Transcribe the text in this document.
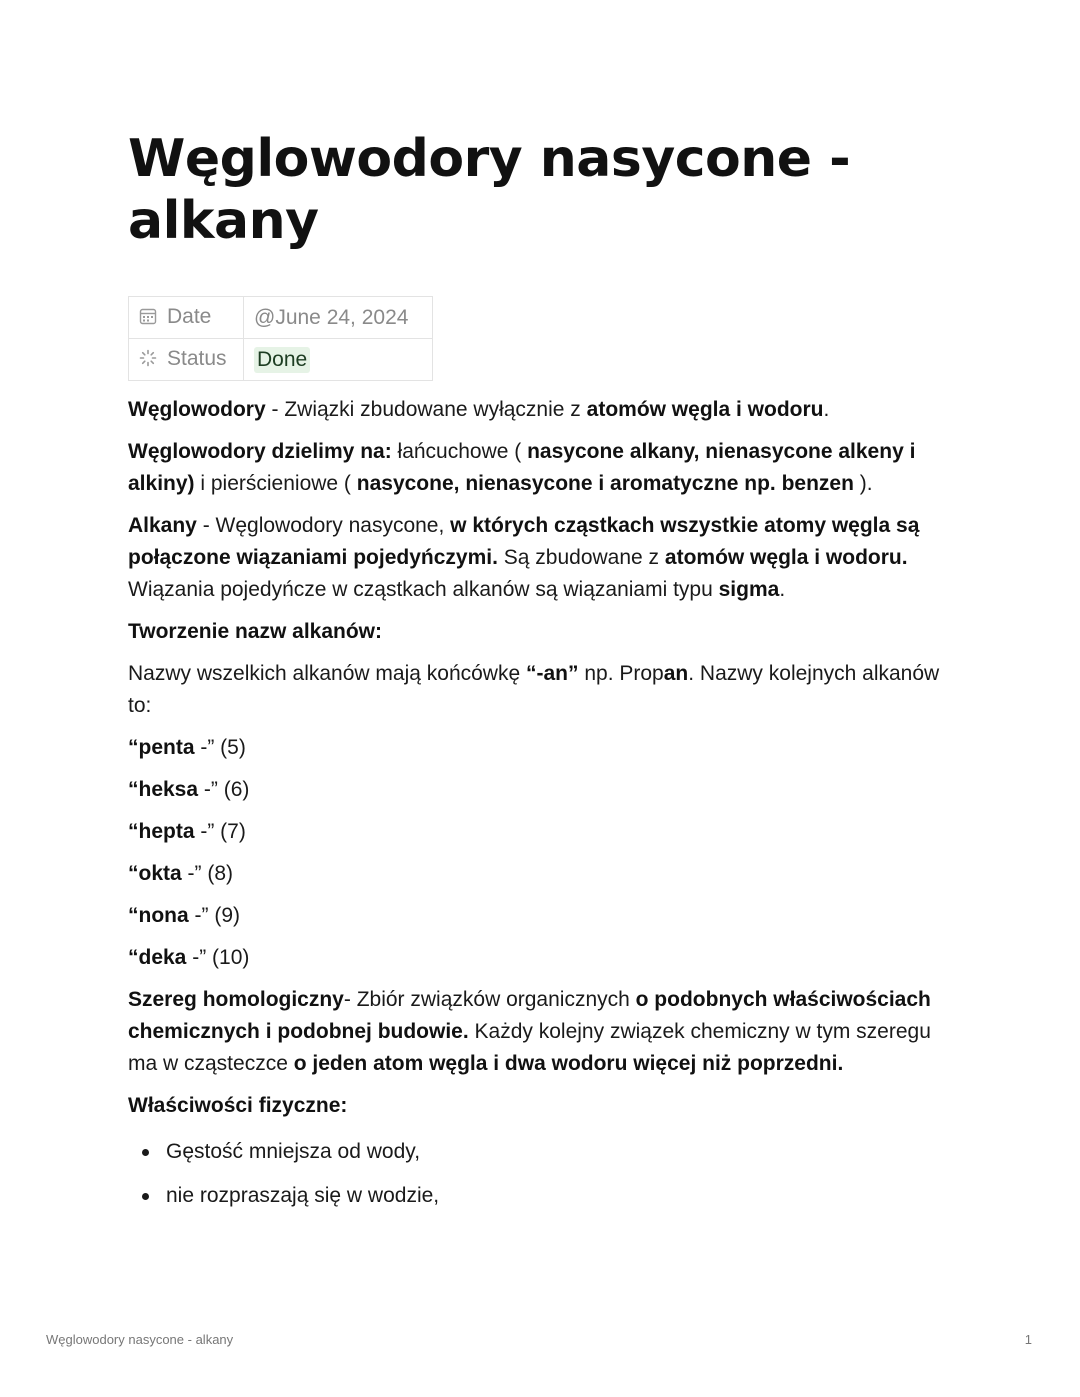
Węglowodory nasycone - alkany
Date	@June 24, 2024
Status	Done

Węglowodory - Związki zbudowane wyłącznie z atomów węgla i wodoru.

Węglowodory dzielimy na: łańcuchowe ( nasycone alkany, nienasycone alkeny i alkiny) i pierścieniowe ( nasycone, nienasycone i aromatyczne np. benzen ).

Alkany - Węglowodory nasycone, w których cząstkach wszystkie atomy węgla są połączone wiązaniami pojedyńczymi. Są zbudowane z atomów węgla i wodoru. Wiązania pojedyńcze w cząstkach alkanów są wiązaniami typu sigma.

Tworzenie nazw alkanów:

Nazwy wszelkich alkanów mają końcówkę “-an” np. Propan. Nazwy kolejnych alkanów to:

“penta -” (5)

“heksa -” (6)

“hepta -” (7)

“okta -” (8)

“nona -” (9)

“deka -” (10)

Szereg homologiczny- Zbiór związków organicznych o podobnych właściwościach chemicznych i podobnej budowie. Każdy kolejny związek chemiczny w tym szeregu ma w cząsteczce o jeden atom węgla i dwa wodoru więcej niż poprzedni.

Właściwości fizyczne:

Gęstość mniejsza od wody,
nie rozpraszają się w wodzie,
Węglowodory nasycone - alkany	1
